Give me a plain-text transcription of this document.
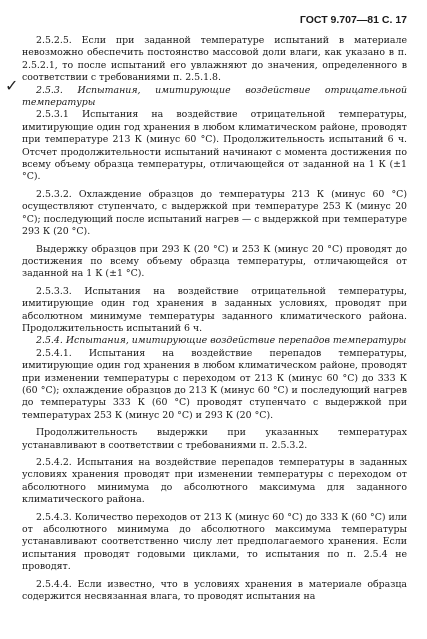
ГОСТ 9.707—81 С. 17
✓

2.5.2.5. Если при заданной температуре испытаний в материале невозможно обеспечить постоянство массовой доли влаги, как указано в п. 2.5.2.1, то после испытаний его увлажняют до значения, определенного в соответствии с требованиями п. 2.5.1.8.

2.5.3. Испытания, имитирующие воздействие отрицательной температуры

2.5.3.1 Испытания на воздействие отрицательной температуры, имитирующие один год хранения в любом климатическом районе, проводят при температуре 213 К (минус 60 °С). Продолжительность испытаний 6 ч. Отсчет продолжительности испытаний начинают с момента достижения по всему объему образца температуры, отличающейся от заданной на 1 К (±1 °С).

2.5.3.2. Охлаждение образцов до температуры 213 К (минус 60 °С) осуществляют ступенчато, с выдержкой при температуре 253 К (минус 20 °С); последующий после испытаний нагрев — с выдержкой при температуре 293 К (20 °С).

Выдержку образцов при 293 К (20 °С) и 253 К (минус 20 °С) проводят до достижения по всему объему образца температуры, отличающейся от заданной на 1 К (±1 °С).

2.5.3.3. Испытания на воздействие отрицательной температуры, имитирующие один год хранения в заданных условиях, проводят при абсолютном минимуме температуры заданного климатического района. Продолжительность испытаний 6 ч.

2.5.4. Испытания, имитирующие воздействие перепадов температуры

2.5.4.1. Испытания на воздействие перепадов температуры, имитирующие один год хранения в любом климатическом районе, проводят при изменении температуры с переходом от 213 К (минус 60 °С) до 333 К (60 °С); охлаждение образцов до 213 К (минус 60 °С) и последующий нагрев до температуры 333 К (60 °С) проводят ступенчато с выдержкой при температурах 253 К (минус 20 °С) и 293 К (20 °С).

Продолжительность выдержки при указанных температурах устанавливают в соответствии с требованиями п. 2.5.3.2.

2.5.4.2. Испытания на воздействие перепадов температуры в заданных условиях хранения проводят при изменении температуры с переходом от абсолютного минимума до абсолютного максимума для заданного климатического района.

2.5.4.3. Количество переходов от 213 К (минус 60 °С) до 333 К (60 °С) или от абсолютного минимума до абсолютного максимума температуры устанавливают соответственно числу лет предполагаемого хранения. Если испытания проводят годовыми циклами, то испытания по п. 2.5.4 не проводят.

2.5.4.4. Если известно, что в условиях хранения в материале образца содержится несвязанная влага, то проводят испытания на
